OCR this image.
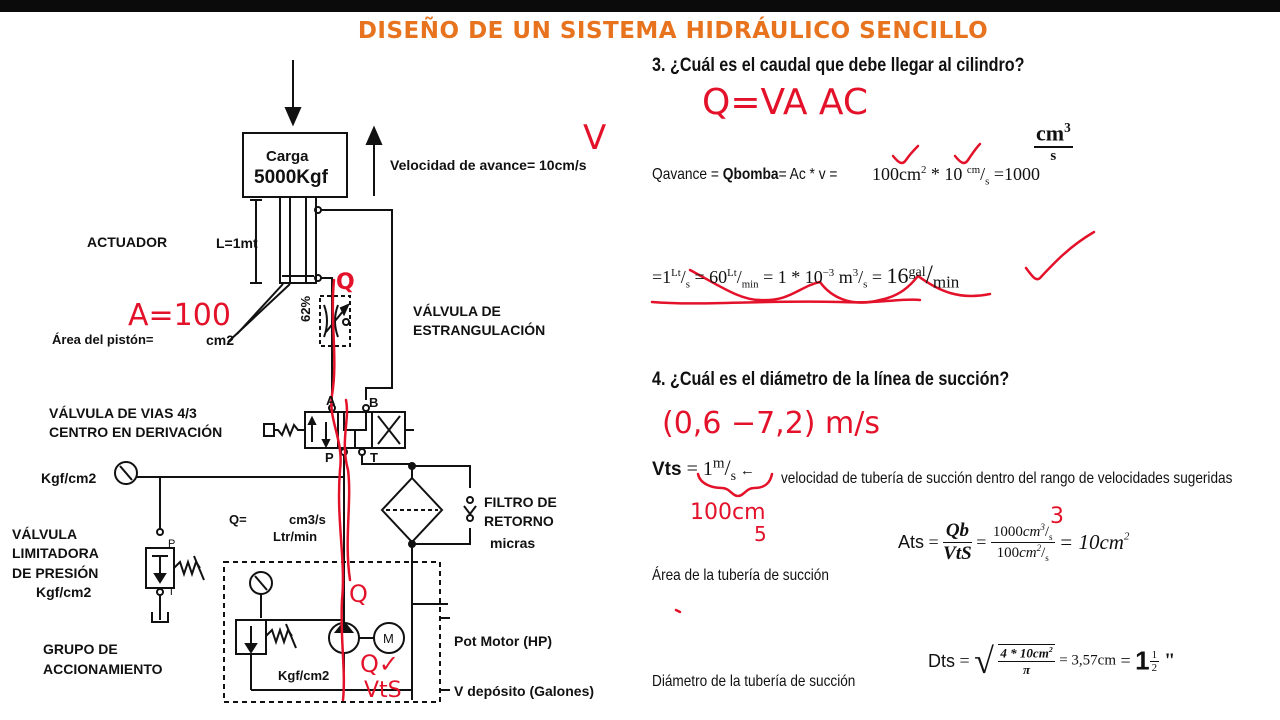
DISEÑO DE UN SISTEMA HIDRÁULICO SENCILLO
Carga
5000Kgf
Velocidad de avance= 10cm/s
ACTUADOR	L=1mt
Área del pistón=	cm2
VÁLVULA DE
ESTRANGULACIÓN
62%
VÁLVULA DE VIAS 4/3
CENTRO EN DERIVACIÓN
A	B
P	T
Kgf/cm2
P
T
VÁLVULA
LIMITADORA
DE PRESIÓN
Kgf/cm2
Q=	cm3/s
Ltr/min
FILTRO DE
RETORNO
micras
GRUPO DE
ACCIONAMIENTO
M
Kgf/cm2
Pot Motor (HP)
V depósito (Galones)
3. ¿Cuál es el caudal que debe llegar al cilindro?
Qavance = Qbomba= $Ac * v = 100cm^2 * 10$ $^{cm}/_s =1000$
$\frac{cm^3}{s}$
$=1^{Lt}/_s = 60^{Lt}/_{min} = 1 * 10^{-3}$ $m^3/_s = 16^{gal}/_{min}$
4. ¿Cuál es el diámetro de la línea de succión?
Vts = $1^m/_s$ ← velocidad de tubería de succión dentro del rango de velocidades sugeridas
Área de la tubería de succión
Ats = $\frac{Qb}{\text{VtS}} = \frac{1000cm^3/_s}{100cm^2/_s} = 10cm^2$
Diámetro de la tubería de succión
Dts = √ $\frac{4 * 10cm^2}{\pi} = 3,57cm = 1 \frac{1}{2}$ "
Q=VA AC
V
A=100
Q
Q
Q✓
VtS
(0,6 −7,2) m/s
100cm
5
3
